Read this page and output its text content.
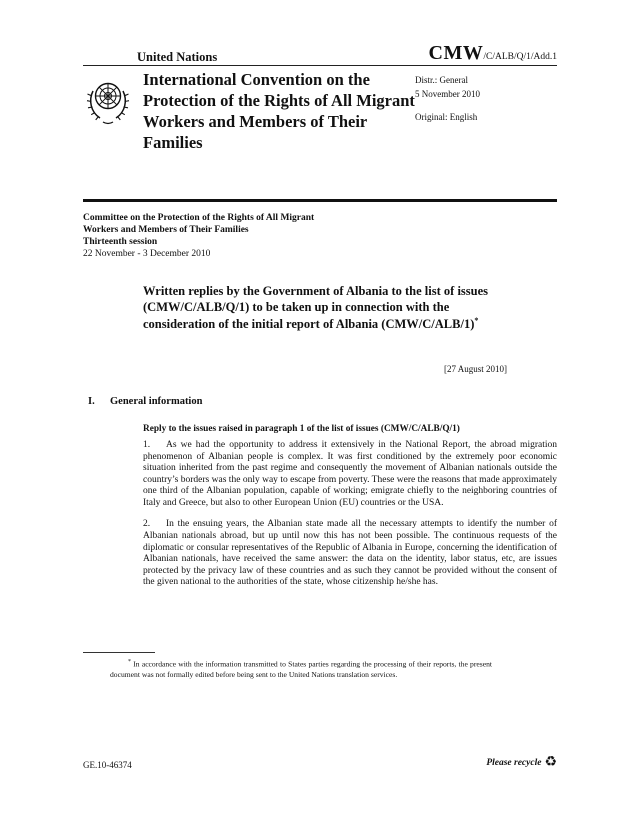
United Nations	CMW/C/ALB/Q/1/Add.1
International Convention on the Protection of the Rights of All Migrant Workers and Members of Their Families
Distr.: General
5 November 2010
Original: English
Committee on the Protection of the Rights of All Migrant Workers and Members of Their Families
Thirteenth session
22 November - 3 December 2010
Written replies by the Government of Albania to the list of issues (CMW/C/ALB/Q/1) to be taken up in connection with the consideration of the initial report of Albania (CMW/C/ALB/1)*
[27 August 2010]
I.	General information
Reply to the issues raised in paragraph 1 of the list of issues (CMW/C/ALB/Q/1)

1. As we had the opportunity to address it extensively in the National Report, the abroad migration phenomenon of Albanian people is complex. It was first conditioned by the extremely poor economic situation inherited from the past regime and consequently the movement of Albanian nationals outside the country’s borders was the only way to escape from poverty. These were the reasons that made approximately one third of the Albanian population, capable of working; emigrate chiefly to the neighboring countries of Italy and Greece, but also to other European Union (EU) countries or the USA.

2. In the ensuing years, the Albanian state made all the necessary attempts to identify the number of Albanian nationals abroad, but up until now this has not been possible. The continuous requests of the diplomatic or consular representatives of the Republic of Albania in Europe, concerning the identification of Albanian nationals, have received the same answer: the data on the identity, labor status, etc, are issues protected by the privacy law of these countries and as such they cannot be provided without the consent of the given national to the authorities of the state, whose citizenship he/she has.

* In accordance with the information transmitted to States parties regarding the processing of their reports, the present document was not formally edited before being sent to the United Nations translation services.
GE.10-46374	Please recycle ♻
